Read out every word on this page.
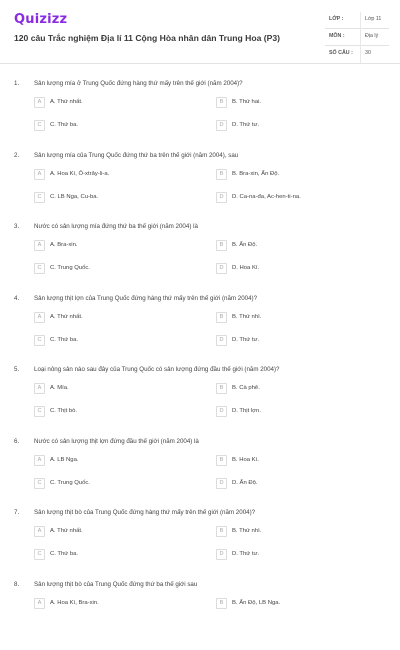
Quizizz
120 câu Trắc nghiệm Địa lí 11 Cộng Hòa nhân dân Trung Hoa (P3)
LỚP :	Lớp 11
MÔN :	Địa lý
SỐ CÂU : 30
1. Sản lượng mía ở Trung Quốc đứng hàng thứ mấy trên thế giới (năm 2004)?
A	A. Thứ nhất.	B	B. Thứ hai.
C	C. Thứ ba.	D	D. Thứ tư.
2. Sản lượng mía của Trung Quốc đứng thứ ba trên thế giới (năm 2004), sau
A	A. Hoa Kì, Ô-xtrây-li-a.	B	B. Bra-xin, Ấn Độ.
C	C. LB Nga, Cu-ba.	D	D. Ca-na-đa, Ac-hen-ti-na.
3. Nước có sản lượng mía đứng thứ ba thế giới (năm 2004) là
A	A. Bra-xin.	B	B. Ấn Độ.
C	C. Trung Quốc.	D	D. Hoa Kì.
4. Sản lượng thịt lợn của Trung Quốc đứng hàng thứ mấy trên thế giới (năm 2004)?
A	A. Thứ nhất.	B	B. Thứ nhì.
C	C. Thứ ba.	D	D. Thứ tư.
5. Loại nông sản nào sau đây của Trung Quốc có sản lượng đứng đầu thế giới (năm 2004)?
A	A. Mía.	B	B. Cà phê.
C	C. Thịt bò.	D	D. Thịt lợn.
6. Nước có sản lượng thịt lợn đứng đầu thế giới (năm 2004) là
A	A. LB Nga.	B	B. Hoa Kì.
C	C. Trung Quốc.	D	D. Ấn Độ.
7. Sản lượng thịt bò của Trung Quốc đứng hàng thứ mấy trên thế giới (năm 2004)?
A	A. Thứ nhất.	B	B. Thứ nhì.
C	C. Thứ ba.	D	D. Thứ tư.
8. Sản lượng thịt bò của Trung Quốc đứng thứ ba thế giới sau
A	A. Hoa Kì, Bra-xin.	B	B. Ấn Độ, LB Nga.
